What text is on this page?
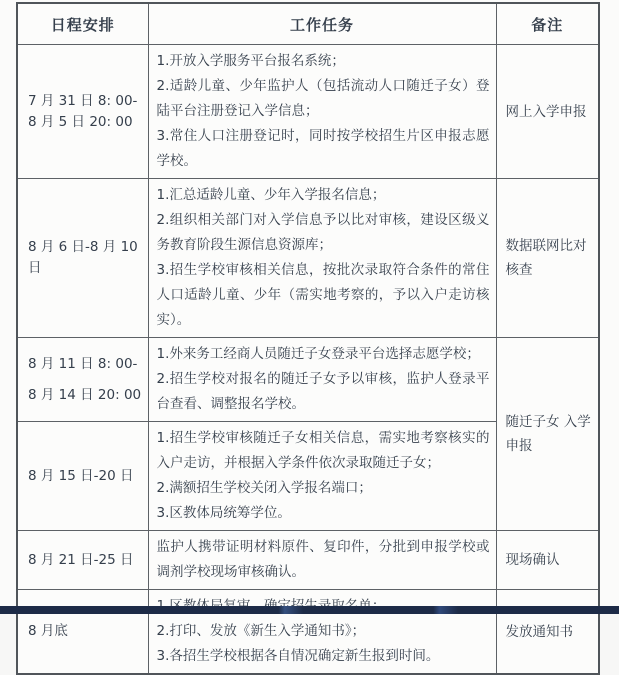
日程安排	工作任务	备注

7 月 31 日 8: 00-
8 月 5 日 20: 00	1.开放入学服务平台报名系统；
2.适龄儿童、少年监护人（包括流动人口随迁子女）登陆平台注册登记入学信息；
3.常住人口注册登记时，同时按学校招生片区申报志愿学校。	网上入学申报

8 月 6 日-8 月 10 日	1.汇总适龄儿童、少年入学报名信息；
2.组织相关部门对入学信息予以比对审核，建设区级义务教育阶段生源信息资源库；
3.招生学校审核相关信息，按批次录取符合条件的常住人口适龄儿童、少年（需实地考察的，予以入户走访核实）。	数据联网比对核查

8 月 11 日 8: 00-
8 月 14 日 20: 00	1.外来务工经商人员随迁子女登录平台选择志愿学校；
2.招生学校对报名的随迁子女予以审核，监护人登录平台查看、调整报名学校。	随迁子女 入学申报

8 月 15 日-20 日	1.招生学校审核随迁子女相关信息，需实地考察核实的入户走访，并根据入学条件依次录取随迁子女；
2.满额招生学校关闭入学报名端口；
3.区教体局统筹学位。	

8 月 21 日-25 日	监护人携带证明材料原件、复印件，分批到申报学校或调剂学校现场审核确认。	现场确认

8 月底	2.打印、发放《新生入学通知书》；
3.各招生学校根据各自情况确定新生报到时间。	发放通知书
